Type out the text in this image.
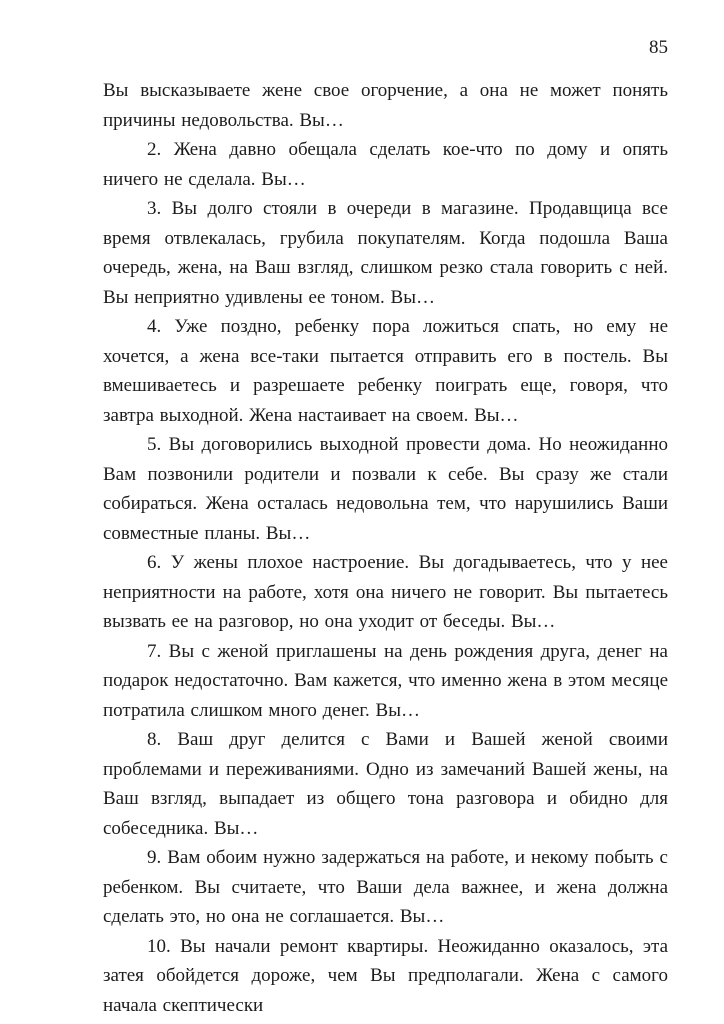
85

Вы высказываете жене свое огорчение, а она не может понять причины недовольства. Вы…

2. Жена давно обещала сделать кое-что по дому и опять ничего не сделала. Вы…

3. Вы долго стояли в очереди в магазине. Продавщица все время отвлекалась, грубила покупателям. Когда подошла Ваша очередь, жена, на Ваш взгляд, слишком резко стала говорить с ней. Вы неприятно удивлены ее тоном. Вы…

4. Уже поздно, ребенку пора ложиться спать, но ему не хочется, а жена все-таки пытается отправить его в постель. Вы вмешиваетесь и разрешаете ребенку поиграть еще, говоря, что завтра выходной. Жена настаивает на своем. Вы…

5. Вы договорились выходной провести дома. Но неожиданно Вам позвонили родители и позвали к себе. Вы сразу же стали собираться. Жена осталась недовольна тем, что нарушились Ваши совместные планы. Вы…

6. У жены плохое настроение. Вы догадываетесь, что у нее неприятности на работе, хотя она ничего не говорит. Вы пытаетесь вызвать ее на разговор, но она уходит от беседы. Вы…

7. Вы с женой приглашены на день рождения друга, денег на подарок недостаточно. Вам кажется, что именно жена в этом месяце потратила слишком много денег. Вы…

8. Ваш друг делится с Вами и Вашей женой своими проблемами и переживаниями. Одно из замечаний Вашей жены, на Ваш взгляд, выпадает из общего тона разговора и обидно для собеседника. Вы…

9. Вам обоим нужно задержаться на работе, и некому побыть с ребенком. Вы считаете, что Ваши дела важнее, и жена должна сделать это, но она не соглашается. Вы…

10. Вы начали ремонт квартиры. Неожиданно оказалось, эта затея обойдется дороже, чем Вы предполагали. Жена с самого начала скептически
